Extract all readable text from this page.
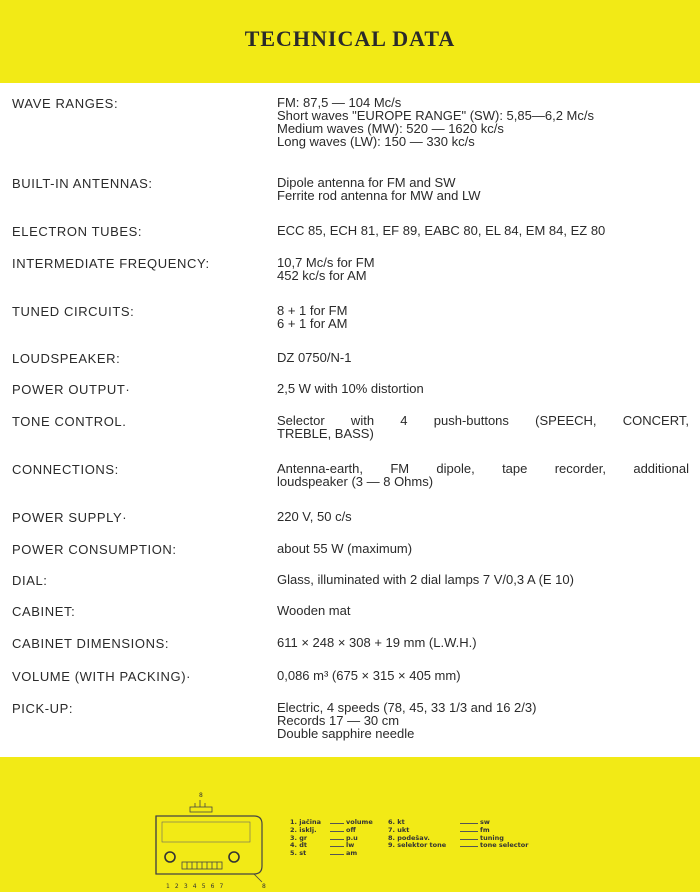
TECHNICAL DATA
WAVE RANGES:	FM: 87,5 — 104 Mc/s
Short waves "EUROPE RANGE" (SW): 5,85—6,2 Mc/s
Medium waves (MW): 520 — 1620 kc/s
Long waves (LW): 150 — 330 kc/s
BUILT-IN ANTENNAS:	Dipole antenna for FM and SW
Ferrite rod antenna for MW and LW
ELECTRON TUBES:	ECC 85, ECH 81, EF 89, EABC 80, EL 84, EM 84, EZ 80
INTERMEDIATE FREQUENCY:	10,7 Mc/s for FM
452 kc/s for AM
TUNED CIRCUITS:	8 + 1 for FM
6 + 1 for AM
LOUDSPEAKER:	DZ 0750/N-1
POWER OUTPUT·	2,5 W with 10% distortion
TONE CONTROL.	Selector with 4 push-buttons (SPEECH, CONCERT,
TREBLE, BASS)
CONNECTIONS:	Antenna-earth, FM dipole, tape recorder, additional
loudspeaker (3 — 8 Ohms)
POWER SUPPLY·	220 V, 50 c/s
POWER CONSUMPTION:	about 55 W (maximum)
DIAL:	Glass, illuminated with 2 dial lamps 7 V/0,3 A (E 10)
CABINET:	Wooden mat
CABINET DIMENSIONS:	611 × 248 × 308 + 19 mm (L.W.H.)
VOLUME (WITH PACKING)·	0,086 m³ (675 × 315 × 405 mm)
PICK-UP:	Electric, 4 speeds (78, 45, 33 1/3 and 16 2/3)
Records 17 — 30 cm
Double sapphire needle
8
1 2 3 4 5 6 7	8
1. jačina	volume
2. isklj.	off
3. gr	p.u
4. dt	lw
5. st	am
6. kt	sw
7. ukt	fm
8. podešav.	tuning
9. selektor tone	tone selector
